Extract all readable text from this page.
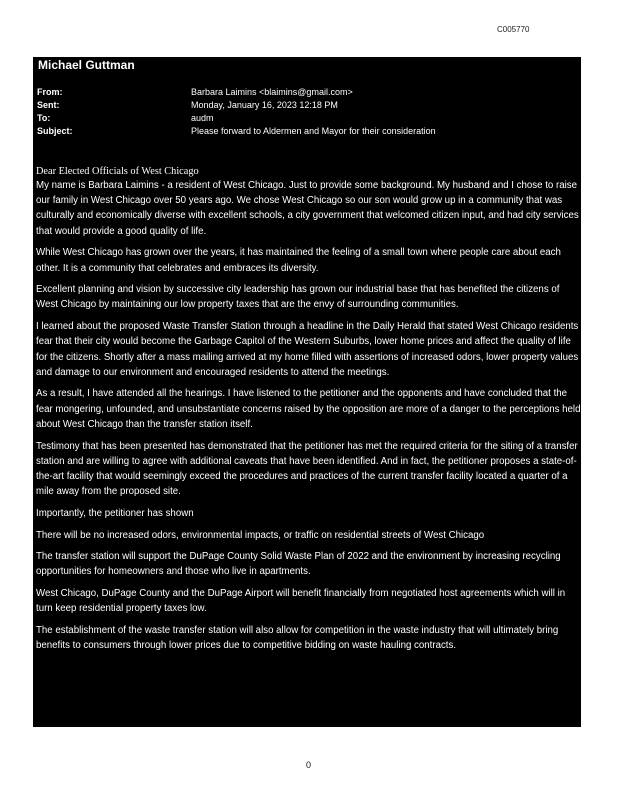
C005770
Michael Guttman
From:	Barbara Laimins <blaimins@gmail.com>
Sent:	Monday, January 16, 2023 12:18 PM
To:	audm
Subject:	Please forward to Aldermen and Mayor for their consideration

Dear Elected Officials of West Chicago

My name is Barbara Laimins - a resident of West Chicago. Just to provide some background. My husband and I chose to raise our family in West Chicago over 50 years ago. We chose West Chicago so our son would grow up in a community that was culturally and economically diverse with excellent schools, a city government that welcomed citizen input, and had city services that would provide a good quality of life.

While West Chicago has grown over the years, it has maintained the feeling of a small town where people care about each other. It is a community that celebrates and embraces its diversity.

Excellent planning and vision by successive city leadership has grown our industrial base that has benefited the citizens of West Chicago by maintaining our low property taxes that are the envy of surrounding communities.

I learned about the proposed Waste Transfer Station through a headline in the Daily Herald that stated West Chicago residents fear that their city would become the Garbage Capitol of the Western Suburbs, lower home prices and affect the quality of life for the citizens. Shortly after a mass mailing arrived at my home filled with assertions of increased odors, lower property values and damage to our environment and encouraged residents to attend the meetings.

As a result, I have attended all the hearings. I have listened to the petitioner and the opponents and have concluded that the fear mongering, unfounded, and unsubstantiate concerns raised by the opposition are more of a danger to the perceptions held about West Chicago than the transfer station itself.

Testimony that has been presented has demonstrated that the petitioner has met the required criteria for the siting of a transfer station and are willing to agree with additional caveats that have been identified. And in fact, the petitioner proposes a state-of-the-art facility that would seemingly exceed the procedures and practices of the current transfer facility located a quarter of a mile away from the proposed site.

Importantly, the petitioner has shown

There will be no increased odors, environmental impacts, or traffic on residential streets of West Chicago

The transfer station will support the DuPage County Solid Waste Plan of 2022 and the environment by increasing recycling opportunities for homeowners and those who live in apartments.

West Chicago, DuPage County and the DuPage Airport will benefit financially from negotiated host agreements which will in turn keep residential property taxes low.

The establishment of the waste transfer station will also allow for competition in the waste industry that will ultimately bring benefits to consumers through lower prices due to competitive bidding on waste hauling contracts.

0
